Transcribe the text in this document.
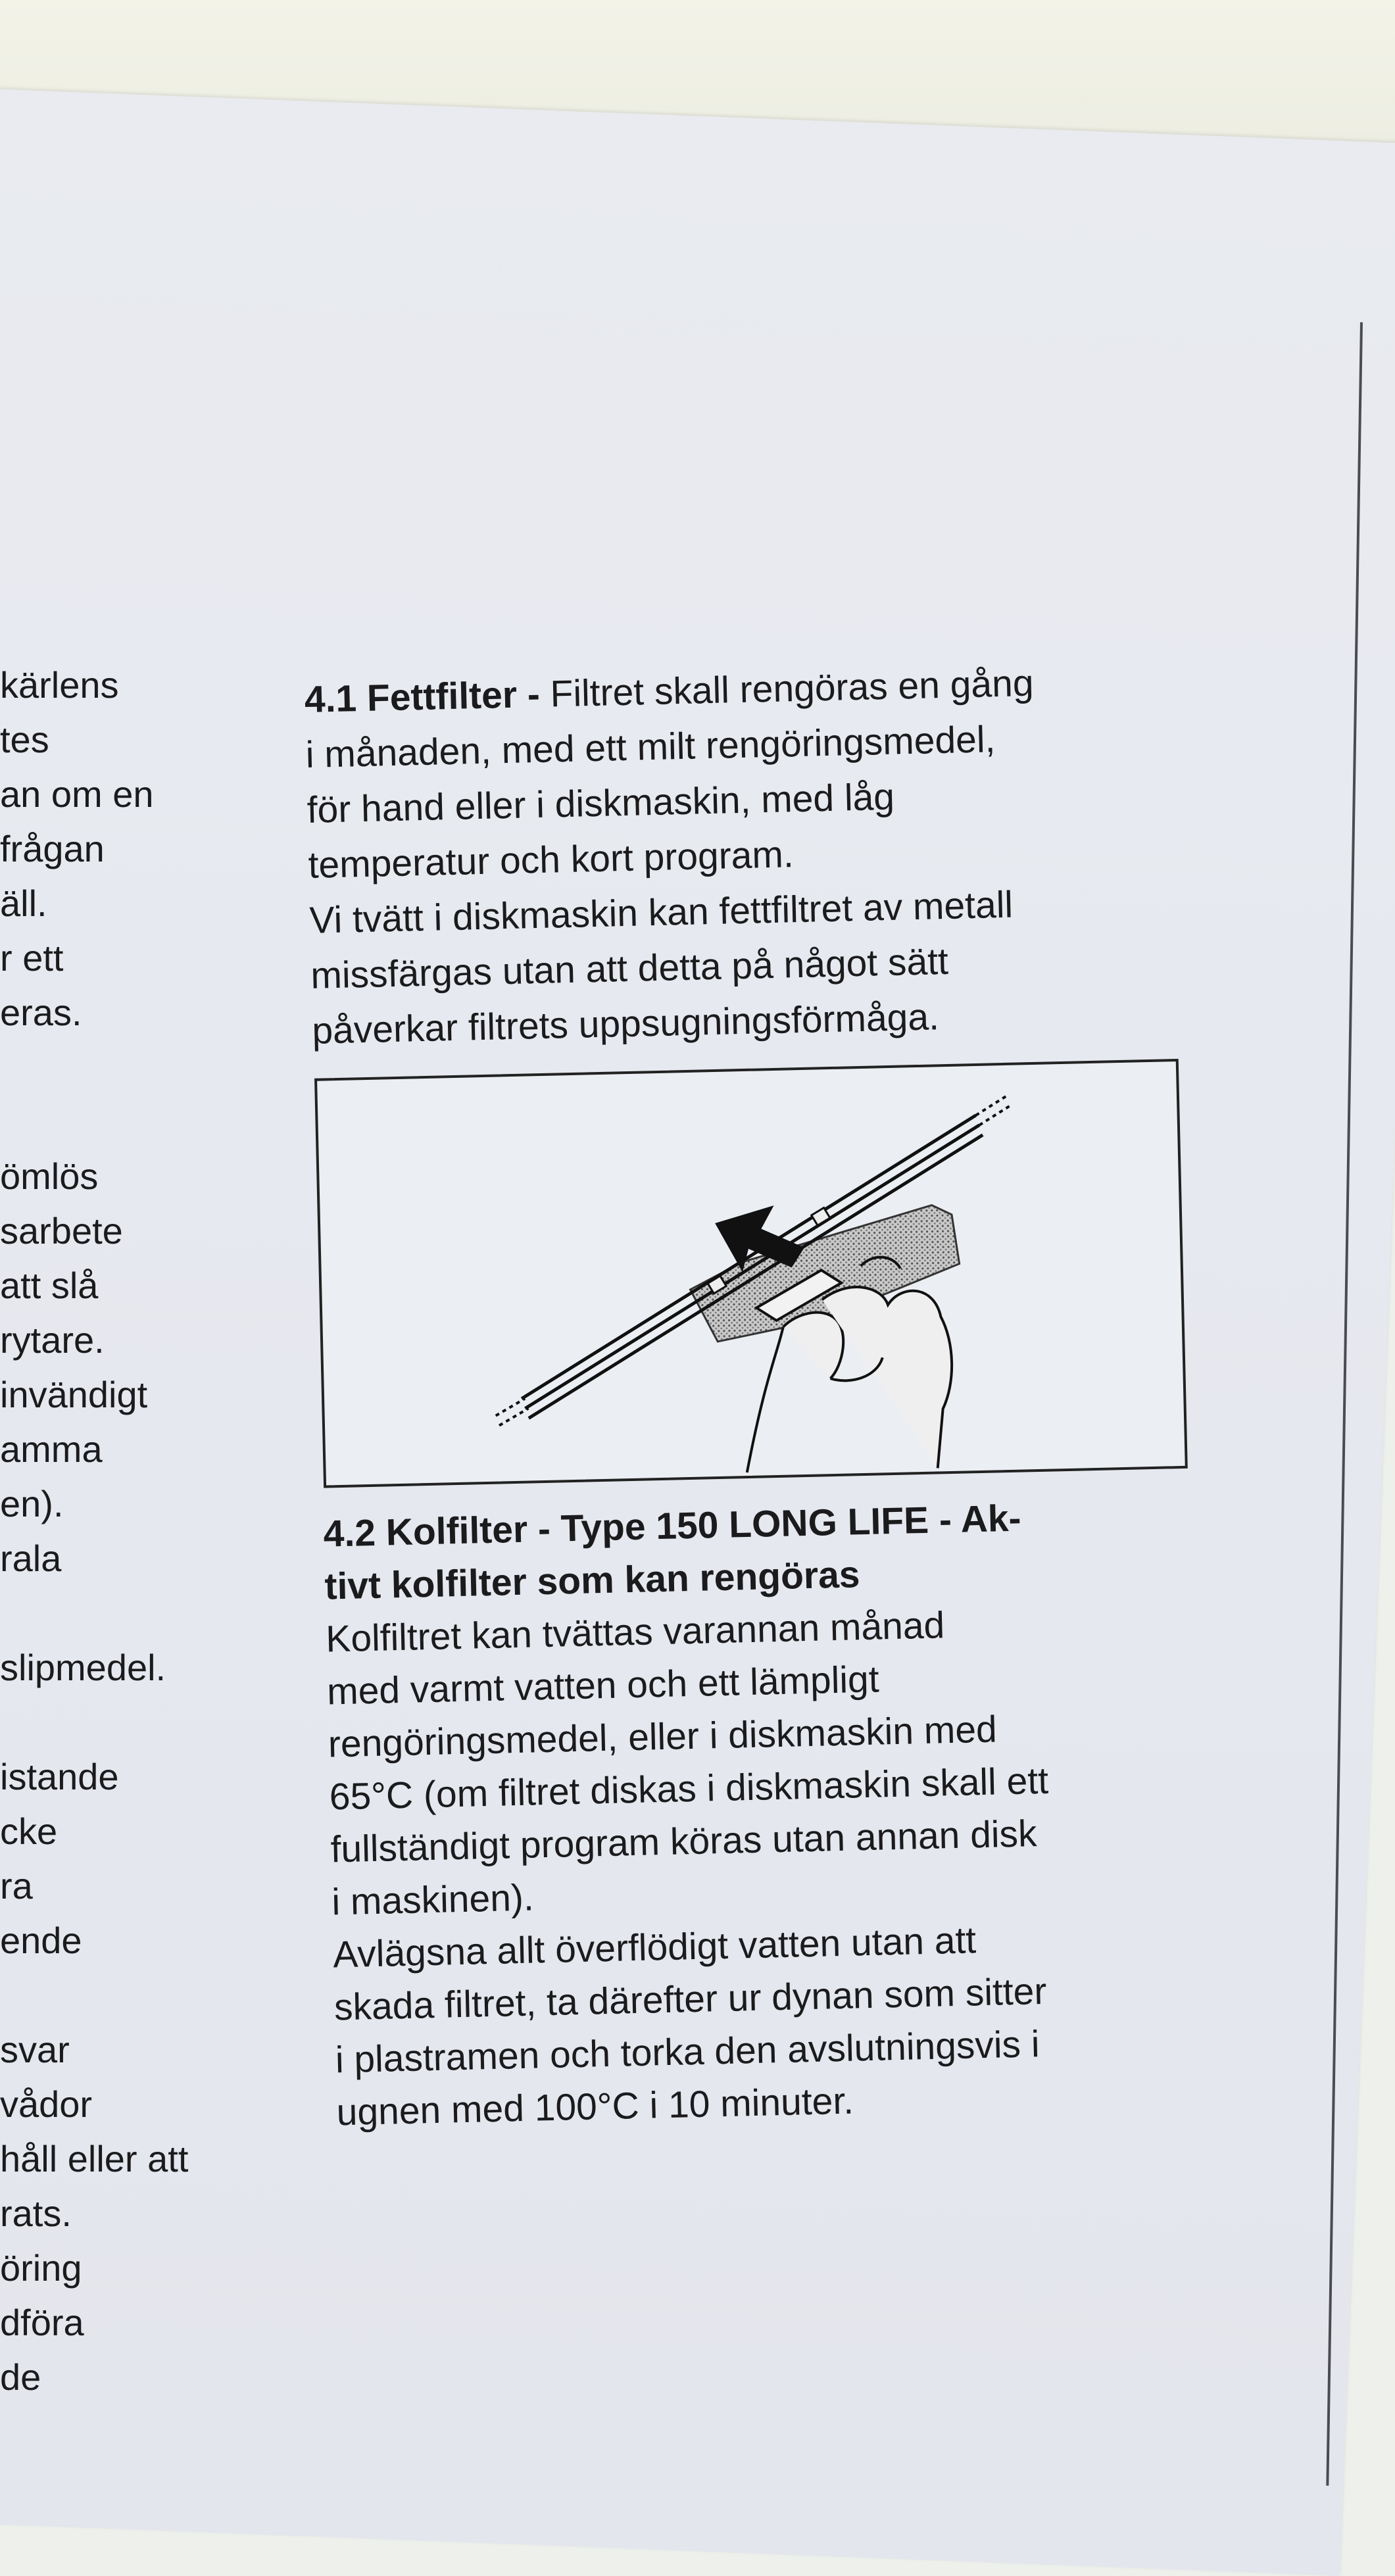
kärlens
tes
an om en
frågan
äll.
r ett
eras.
ömlös
sarbete
att slå
rytare.
invändigt
amma
en).
rala
slipmedel.
istande
cke
ra
ende
svar
vådor
håll eller att
rats.
öring
dföra
de
4.1 Fettfilter - Filtret skall rengöras en gång
i månaden, med ett milt rengöringsmedel,
för hand eller i diskmaskin, med låg
temperatur och kort program.
Vi tvätt i diskmaskin kan fettfiltret av metall
missfärgas utan att detta på något sätt
påverkar filtrets uppsugningsförmåga.
4.2 Kolfilter - Type 150 LONG LIFE - Ak-
tivt kolfilter som kan rengöras
Kolfiltret kan tvättas varannan månad
med varmt vatten och ett lämpligt
rengöringsmedel, eller i diskmaskin med
65°C (om filtret diskas i diskmaskin skall ett
fullständigt program köras utan annan disk
i maskinen).
Avlägsna allt överflödigt vatten utan att
skada filtret, ta därefter ur dynan som sitter
i plastramen och torka den avslutningsvis i
ugnen med 100°C i 10 minuter.
